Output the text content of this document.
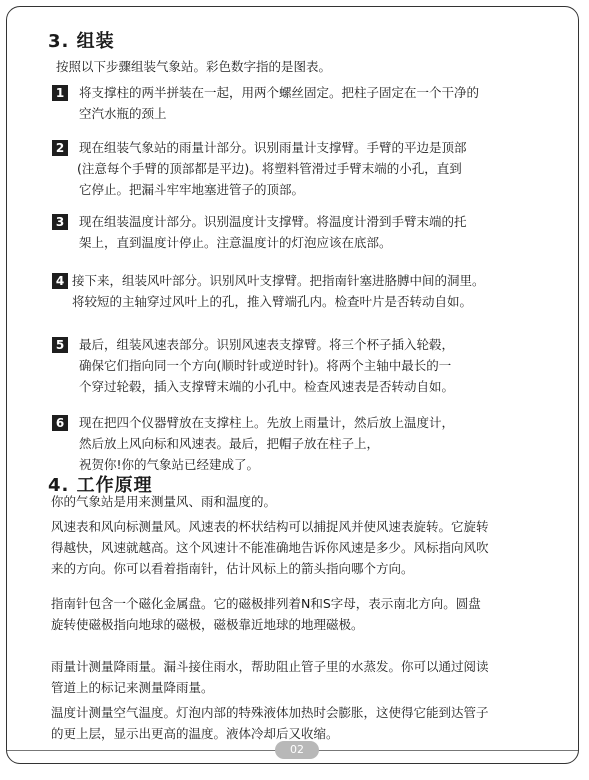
3. 组装

按照以下步骤组装气象站。彩色数字指的是图表。

1	将支撑柱的两半拼装在一起，用两个螺丝固定。把柱子固定在一个干净的

空汽水瓶的颈上

2	现在组装气象站的雨量计部分。识别雨量计支撑臂。手臂的平边是顶部

(注意每个手臂的顶部都是平边)。将塑料管滑过手臂末端的小孔，直到

它停止。把漏斗牢牢地塞进管子的顶部。

3	现在组装温度计部分。识别温度计支撑臂。将温度计滑到手臂末端的托

架上，直到温度计停止。注意温度计的灯泡应该在底部。

4 接下来，组装风叶部分。识别风叶支撑臂。把指南针塞进胳膊中间的洞里。

将较短的主轴穿过风叶上的孔，推入臂端孔内。检查叶片是否转动自如。

5	最后，组装风速表部分。识别风速表支撑臂。将三个杯子插入轮毂，

确保它们指向同一个方向(顺时针或逆时针)。将两个主轴中最长的一

个穿过轮毂，插入支撑臂末端的小孔中。检查风速表是否转动自如。

6	现在把四个仪器臂放在支撑柱上。先放上雨量计，然后放上温度计，

然后放上风向标和风速表。最后，把帽子放在柱子上，

祝贺你!你的气象站已经建成了。

4. 工作原理

你的气象站是用来测量风、雨和温度的。

风速表和风向标测量风。风速表的杯状结构可以捕捉风并使风速表旋转。它旋转

得越快，风速就越高。这个风速计不能准确地告诉你风速是多少。风标指向风吹

来的方向。你可以看着指南针，估计风标上的箭头指向哪个方向。

指南针包含一个磁化金属盘。它的磁极排列着N和S字母，表示南北方向。圆盘

旋转使磁极指向地球的磁极，磁极靠近地球的地理磁极。

雨量计测量降雨量。漏斗接住雨水，帮助阻止管子里的水蒸发。你可以通过阅读

管道上的标记来测量降雨量。

温度计测量空气温度。灯泡内部的特殊液体加热时会膨胀，这使得它能到达管子

的更上层，显示出更高的温度。液体冷却后又收缩。

02
